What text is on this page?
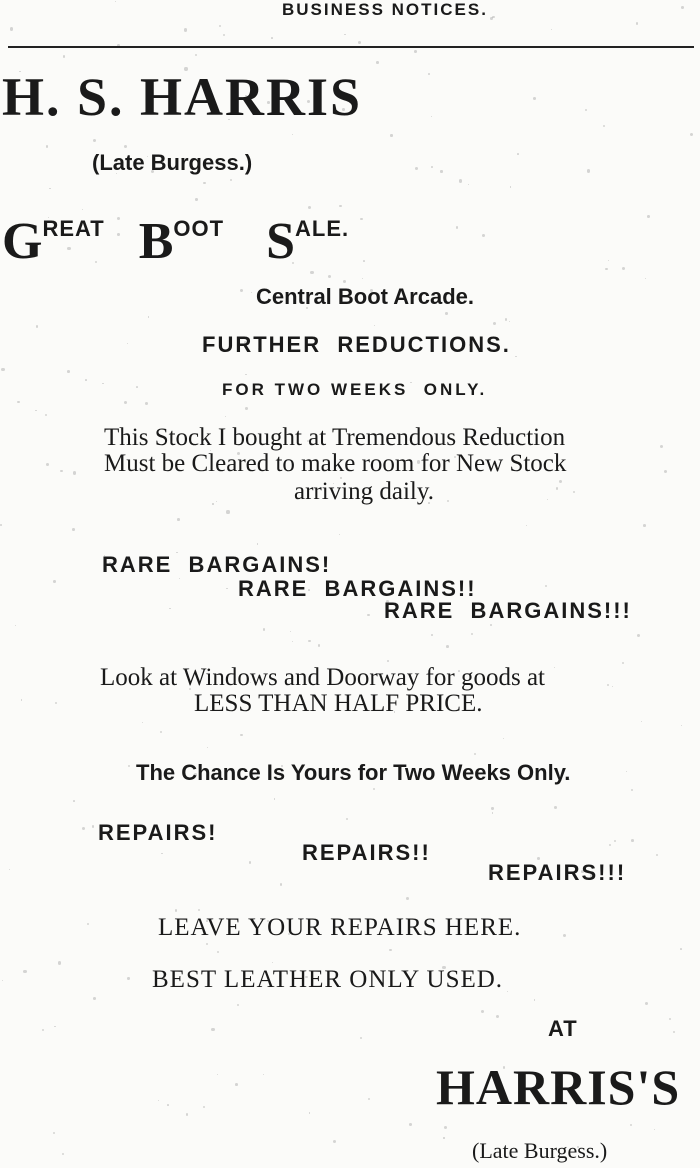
BUSINESS NOTICES.
H. S. HARRIS
(Late Burgess.)
GREAT BOOT SALE.
Central Boot Arcade.
FURTHER  REDUCTIONS.
FOR TWO WEEKS  ONLY.
This Stock I bought at Tremendous Reduction
Must be Cleared to make room for New Stock
arriving daily.
RARE  BARGAINS!
RARE  BARGAINS!!
RARE  BARGAINS!!!
Look at Windows and Doorway for goods at
LESS THAN HALF PRICE.
The Chance Is Yours for Two Weeks Only.
REPAIRS!
REPAIRS!!
REPAIRS!!!
LEAVE YOUR REPAIRS HERE.
BEST LEATHER ONLY USED.
AT
HARRIS'S
(Late Burgess.)
